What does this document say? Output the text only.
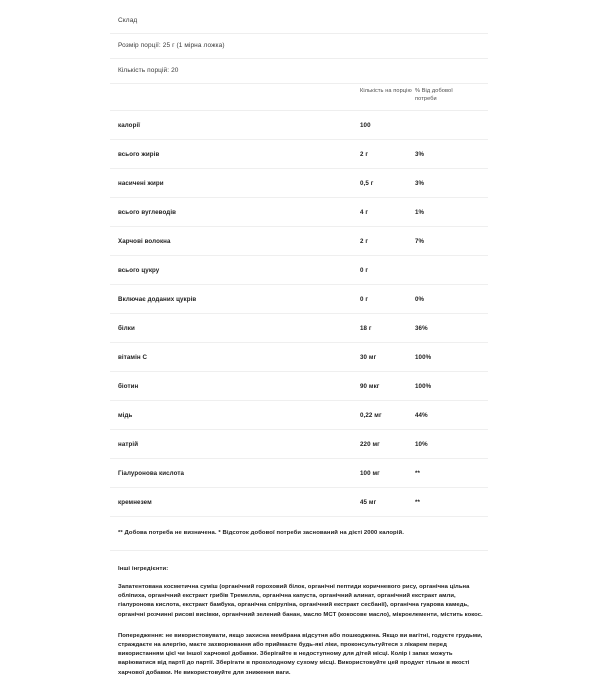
Склад
Розмір порції: 25 г (1 мірна ложка)
Кількість порцій: 20
Кількість на порцію % Від добової потреби
калорії	100
всього жирів	2 г	3%
насичені жири	0,5 г	3%
всього вуглеводів	4 г	1%
Харчові волокна	2 г	7%
всього цукру	0 г
Включає доданих цукрів	0 г	0%
білки	18 г	36%
вітамін C	30 мг	100%
біотин	90 мкг	100%
мідь	0,22 мг	44%
натрій	220 мг	10%
Гіалуронова кислота	100 мг	**
кремнезем	45 мг	**
** Добова потреба не визначена. * Відсоток добової потреби заснований на дієті 2000 калорій.
Інші інгредієнти:
Запатентована косметична суміш (органічний гороховий білок, органічні пептиди коричневого рису, органічна цільна обліпиха, органічний екстракт грибів Тремелла, органічна капуста, органічний алинат, органічний екстракт амли, гіалуронова кислота, екстракт бамбука, органічна спіруліна, органічний екстракт сесбанії), органічна гуарова камедь, органічні розчинні рисові висівки, органічний зелений банан, масло MCT (кокосове масло), мікроелементи, містить кокос.
Попередження: не використовувати, якщо захисна мембрана відсутня або пошкоджена. Якщо ви вагітні, годуєте грудьми, страждаєте на алергію, маєте захворювання або приймаєте будь-які ліки, проконсультуйтеся з лікарем перед використанням цієї чи іншої харчової добавки. Зберігайте в недоступному для дітей місці. Колір і запах можуть варіюватися від партії до партії. Зберігати в прохолодному сухому місці. Використовуйте цей продукт тільки в якості харчової добавки. Не використовуйте для зниження ваги.
